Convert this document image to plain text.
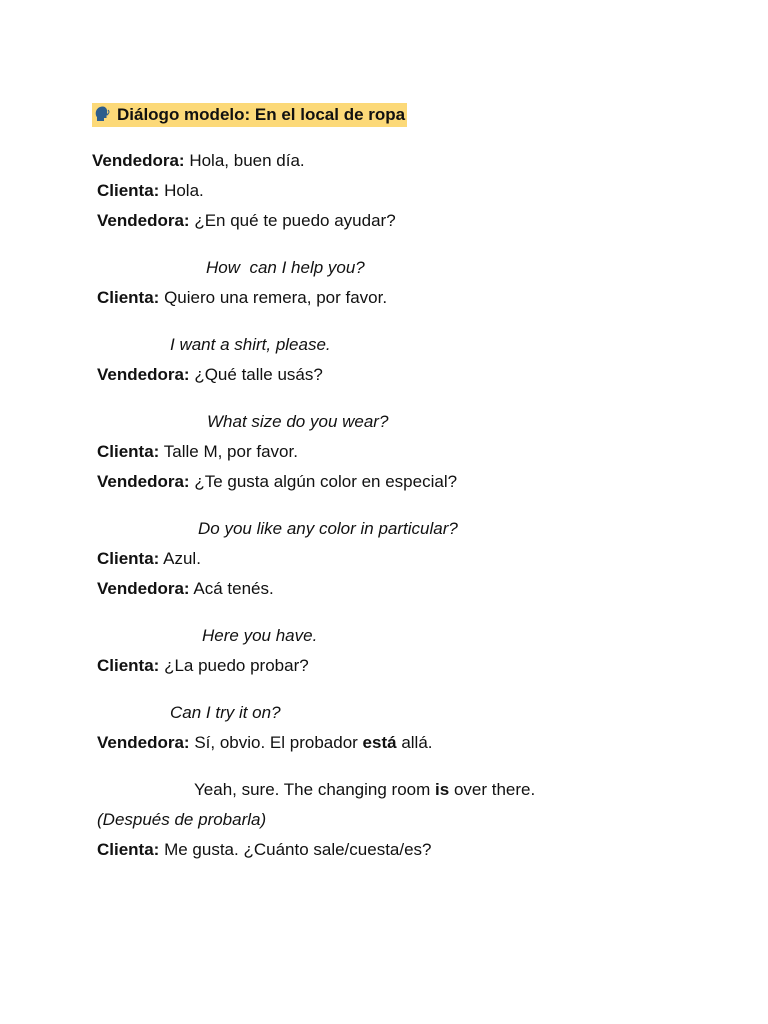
Diálogo modelo: En el local de ropa
Vendedora: Hola, buen día.
Clienta: Hola.
Vendedora: ¿En qué te puedo ayudar?
How  can I help you?
Clienta: Quiero una remera, por favor.
I want a shirt, please.
Vendedora: ¿Qué talle usás?
What size do you wear?
Clienta: Talle M, por favor.
Vendedora: ¿Te gusta algún color en especial?
Do you like any color in particular?
Clienta: Azul.
Vendedora: Acá tenés.
Here you have.
Clienta: ¿La puedo probar?
Can I try it on?
Vendedora: Sí, obvio. El probador está allá.
Yeah, sure. The changing room is over there.
(Después de probarla)
Clienta: Me gusta. ¿Cuánto sale/cuesta/es?
